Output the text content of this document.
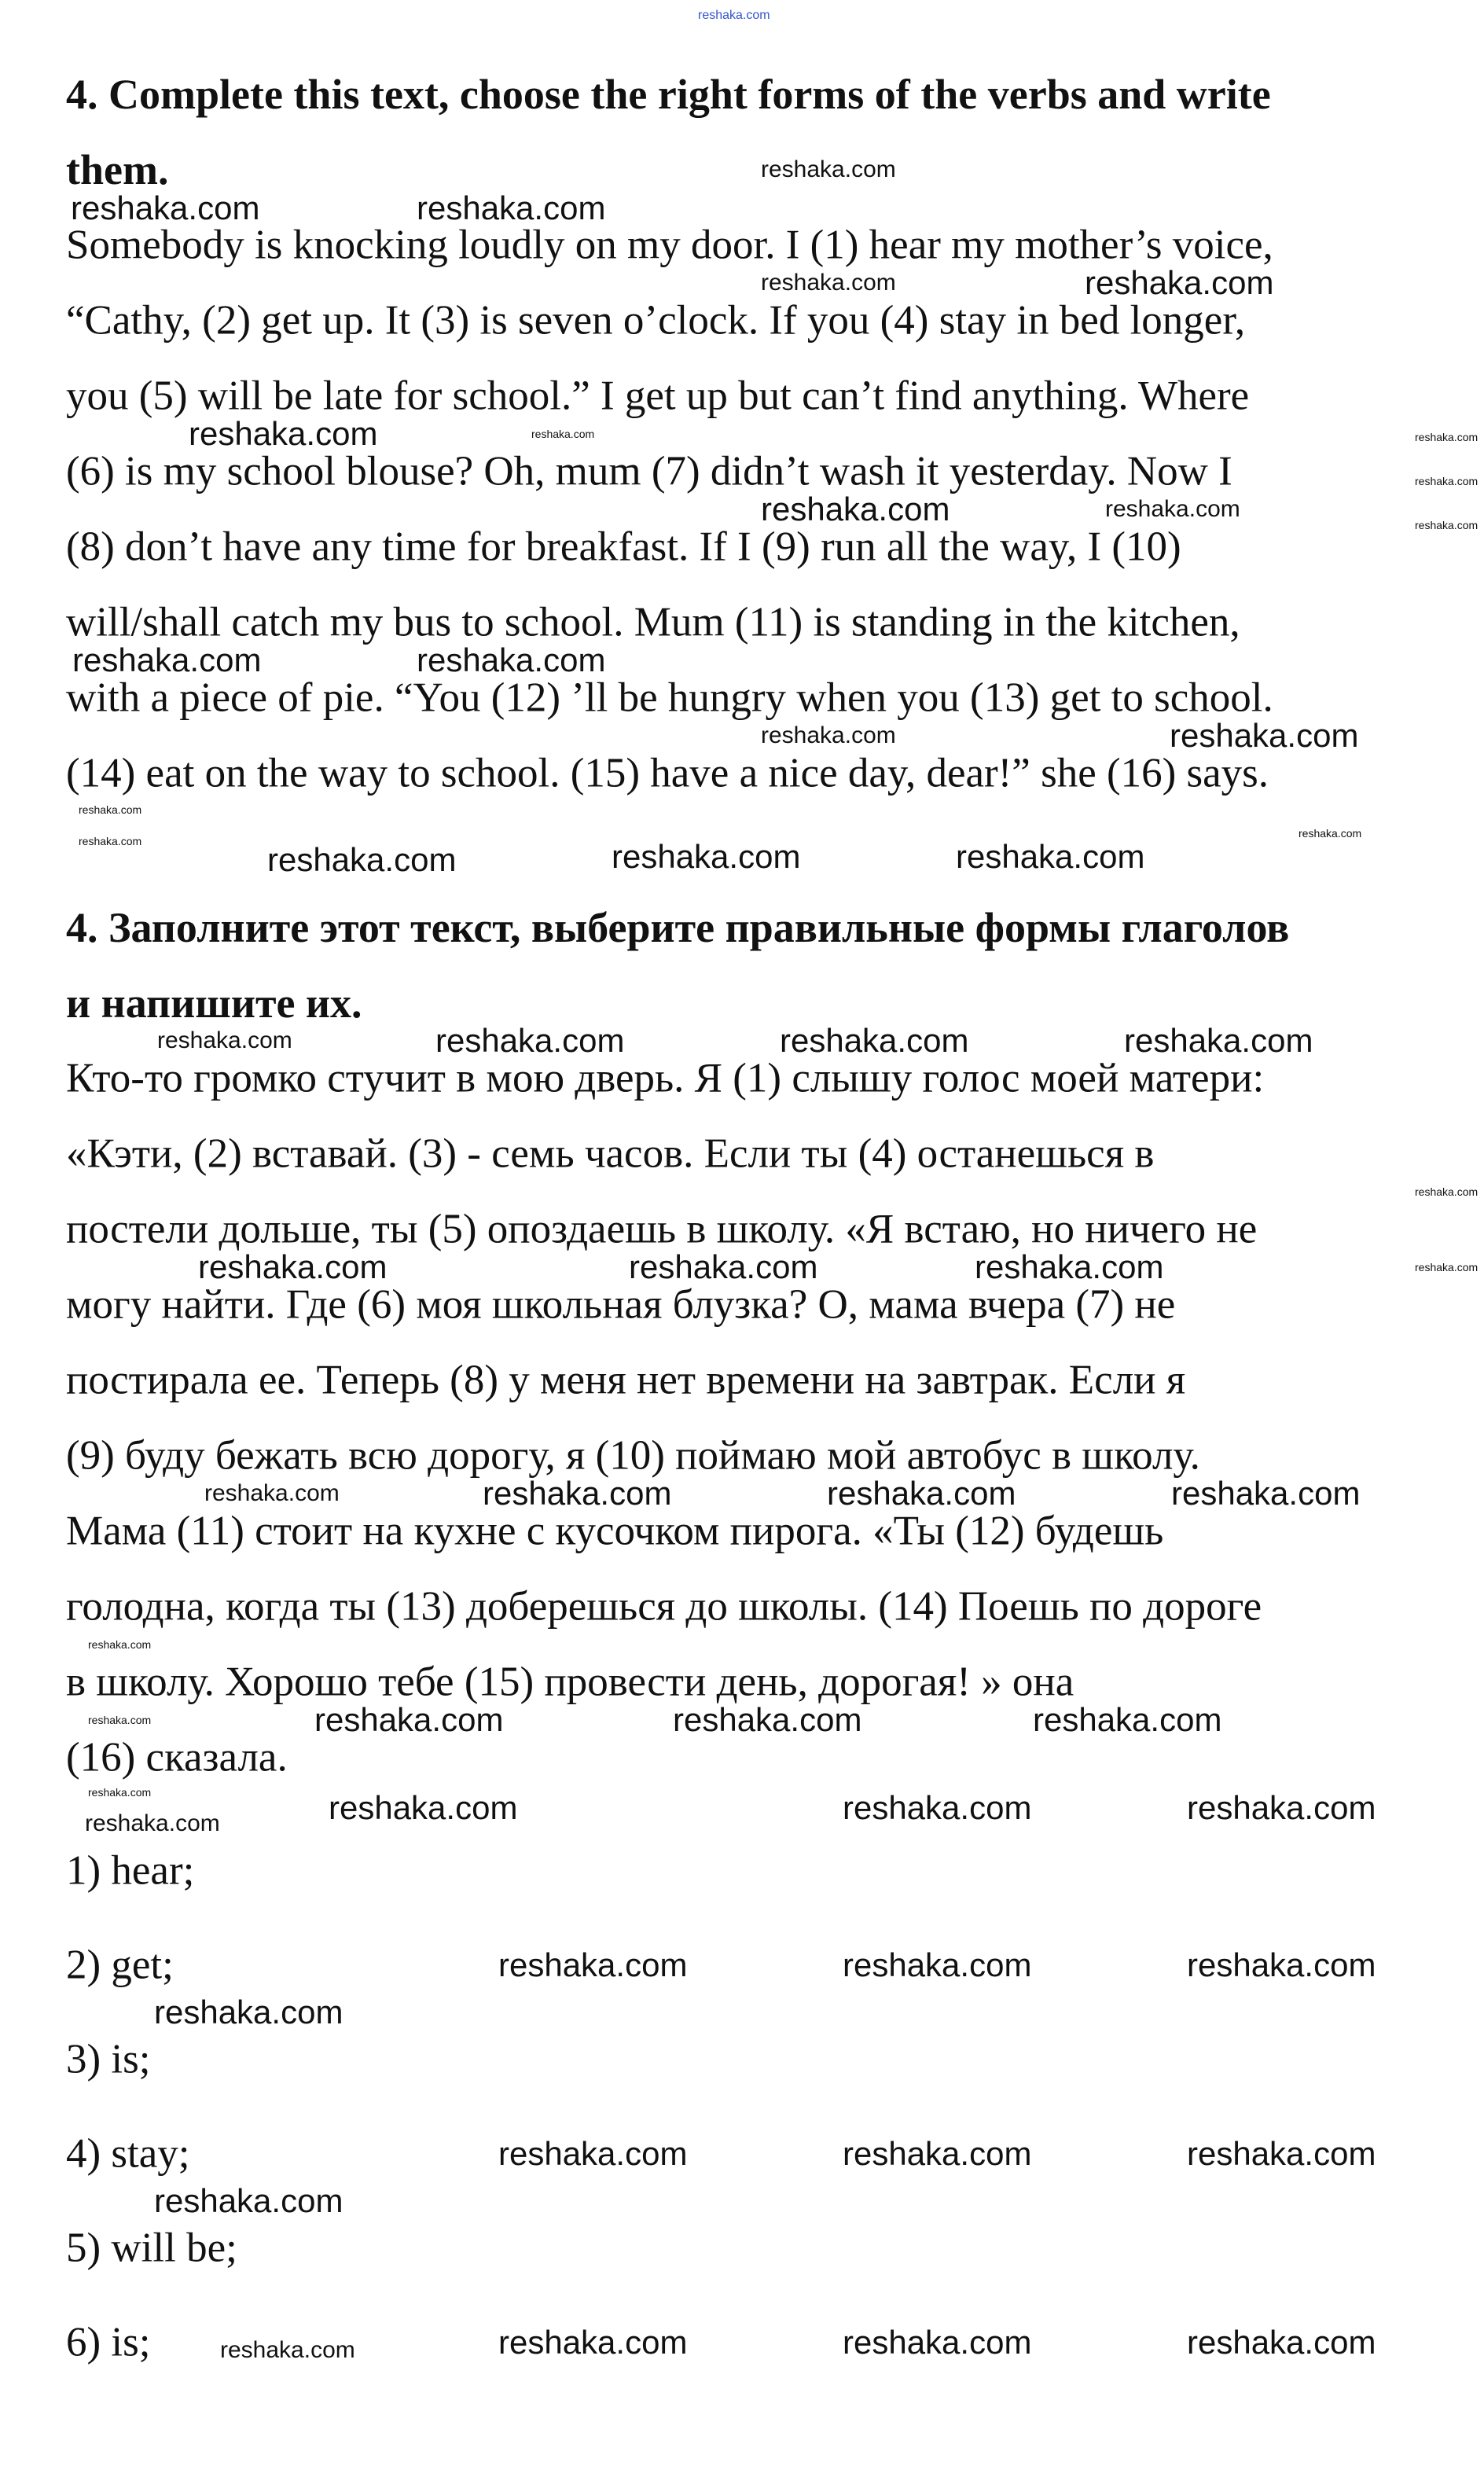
4. Complete this text, choose the right forms of the verbs and write
them.
Somebody is knocking loudly on my door. I (1) hear my mother’s voice,
“Cathy, (2) get up. It (3) is seven o’clock. If you (4) stay in bed longer,
you (5) will be late for school.” I get up but can’t find anything. Where
(6) is my school blouse? Oh, mum (7) didn’t wash it yesterday. Now I
(8) don’t have any time for breakfast. If I (9) run all the way, I (10)
will/shall catch my bus to school. Mum (11) is standing in the kitchen,
with a piece of pie. “You (12) ’ll be hungry when you (13) get to school.
(14) eat on the way to school. (15) have a nice day, dear!” she (16) says.
4. Заполните этот текст, выберите правильные формы глаголов
и напишите их.
Кто-то громко стучит в мою дверь. Я (1) слышу голос моей матери:
«Кэти, (2) вставай. (3) - семь часов. Если ты (4) останешься в
постели дольше, ты (5) опоздаешь в школу. «Я встаю, но ничего не
могу найти. Где (6) моя школьная блузка? О, мама вчера (7) не
постирала ее. Теперь (8) у меня нет времени на завтрак. Если я
(9) буду бежать всю дорогу, я (10) поймаю мой автобус в школу.
Мама (11) стоит на кухне с кусочком пирога. «Ты (12) будешь
голодна, когда ты (13) доберешься до школы. (14) Поешь по дороге
в школу. Хорошо тебе (15) провести день, дорогая! » она
(16) сказала.
1) hear;
2) get;
3) is;
4) stay;
5) will be;
6) is;
reshaka.com
reshaka.com
reshaka.com	reshaka.com
reshaka.com
reshaka.com
reshaka.com	reshaka.com	reshaka.com
reshaka.com
reshaka.com
reshaka.com	reshaka.com
reshaka.com	reshaka.com
reshaka.com	reshaka.com
reshaka.com
reshaka.com
reshaka.com
reshaka.com	reshaka.com	reshaka.com
reshaka.com	reshaka.com	reshaka.com	reshaka.com
reshaka.com
reshaka.com
reshaka.com	reshaka.com	reshaka.com
reshaka.com	reshaka.com	reshaka.com	reshaka.com
reshaka.com
reshaka.com	reshaka.com	reshaka.com	reshaka.com
reshaka.com
reshaka.com	reshaka.com	reshaka.com	reshaka.com
reshaka.com	reshaka.com	reshaka.com
reshaka.com
reshaka.com	reshaka.com	reshaka.com
reshaka.com
reshaka.com	reshaka.com	reshaka.com
reshaka.com
